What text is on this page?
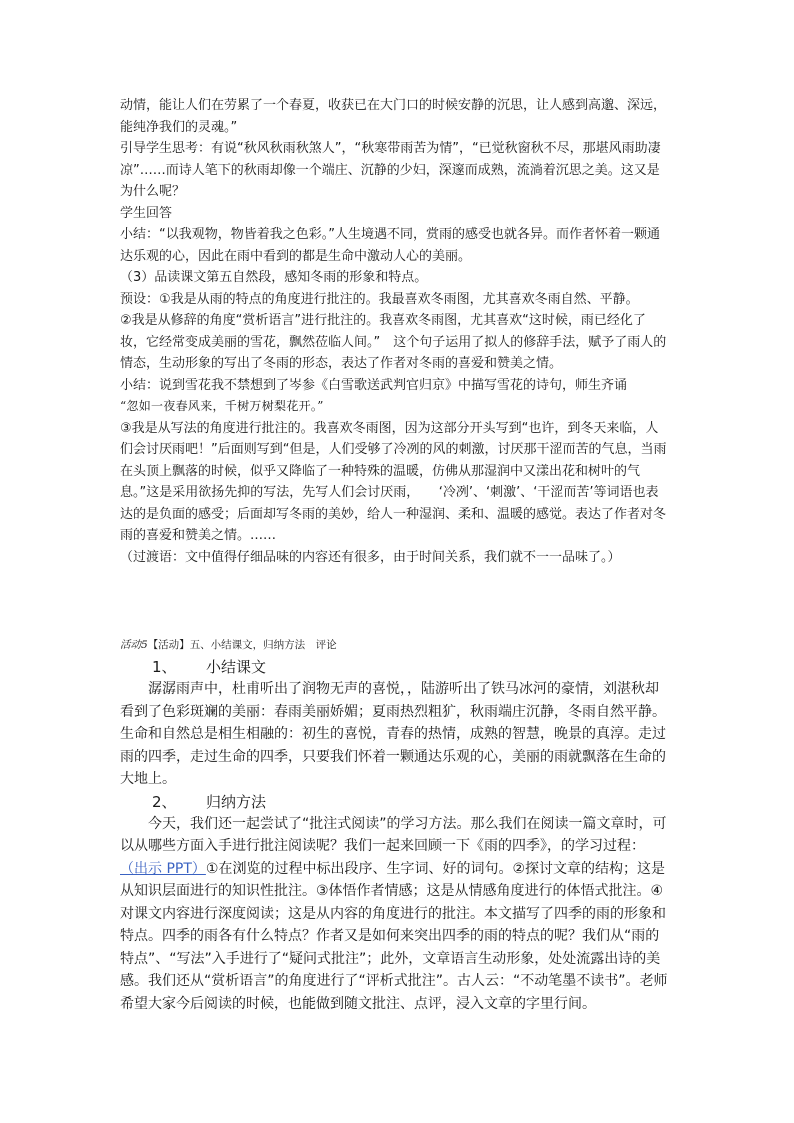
动情，能让人们在劳累了一个春夏，收获已在大门口的时候安静的沉思，让人感到高邈、深远，能纯净我们的灵魂。”

引导学生思考：有说“秋风秋雨秋煞人”，“秋寒带雨苦为情”，“已觉秋窗秋不尽，那堪风雨助凄凉”……而诗人笔下的秋雨却像一个端庄、沉静的少妇，深邃而成熟，流淌着沉思之美。这又是为什么呢？

学生回答

小结：“以我观物，物皆着我之色彩。”人生境遇不同，赏雨的感受也就各异。而作者怀着一颗通达乐观的心，因此在雨中看到的都是生命中激动人心的美丽。

（3）品读课文第五自然段，感知冬雨的形象和特点。

预设：①我是从雨的特点的角度进行批注的。我最喜欢冬雨图，尤其喜欢冬雨自然、平静。

②我是从修辞的角度“赏析语言”进行批注的。我喜欢冬雨图，尤其喜欢“这时候，雨已经化了妆，它经常变成美丽的雪花，飘然莅临人间。”　这个句子运用了拟人的修辞手法，赋予了雨人的情态，生动形象的写出了冬雨的形态，表达了作者对冬雨的喜爱和赞美之情。

小结：说到雪花我不禁想到了岑参《白雪歌送武判官归京》中描写雪花的诗句，师生齐诵

“忽如一夜春风来，千树万树梨花开。”

③我是从写法的角度进行批注的。我喜欢冬雨图，因为这部分开头写到“也许，到冬天来临，人们会讨厌雨吧！”后面则写到“但是，人们受够了冷冽的风的刺激，讨厌那干涩而苦的气息，当雨在头顶上飘落的时候，似乎又降临了一种特殊的温暖，仿佛从那湿润中又漾出花和树叶的气息。”这是采用欲扬先抑的写法，先写人们会讨厌雨，　　‘冷冽’、‘刺激’、‘干涩而苦’等词语也表达的是负面的感受；后面却写冬雨的美妙，给人一种湿润、柔和、温暖的感觉。表达了作者对冬雨的喜爱和赞美之情。……

（过渡语：文中值得仔细品味的内容还有很多，由于时间关系，我们就不一一品味了。）

活动5【活动】五、小结课文，归纳方法　评论

1、 小结课文

潺潺雨声中，杜甫听出了润物无声的喜悦，，陆游听出了铁马冰河的豪情，刘湛秋却看到了色彩斑斓的美丽：春雨美丽娇媚；夏雨热烈粗犷，秋雨端庄沉静，冬雨自然平静。生命和自然总是相生相融的：初生的喜悦，青春的热情，成熟的智慧，晚景的真淳。走过雨的四季，走过生命的四季，只要我们怀着一颗通达乐观的心，美丽的雨就飘落在生命的大地上。

2、 归纳方法

今天，我们还一起尝试了“批注式阅读”的学习方法。那么我们在阅读一篇文章时，可以从哪些方面入手进行批注阅读呢？我们一起来回顾一下《雨的四季》，的学习过程：

（出示 PPT）①在浏览的过程中标出段序、生字词、好的词句。②探讨文章的结构；这是从知识层面进行的知识性批注。③体悟作者情感；这是从情感角度进行的体悟式批注。④对课文内容进行深度阅读；这是从内容的角度进行的批注。本文描写了四季的雨的形象和特点。四季的雨各有什么特点？作者又是如何来突出四季的雨的特点的呢？我们从“雨的特点”、“写法”入手进行了“疑问式批注”；此外，文章语言生动形象，处处流露出诗的美感。我们还从“赏析语言”的角度进行了“评析式批注”。古人云：“不动笔墨不读书”。老师希望大家今后阅读的时候，也能做到随文批注、点评，浸入文章的字里行间。
